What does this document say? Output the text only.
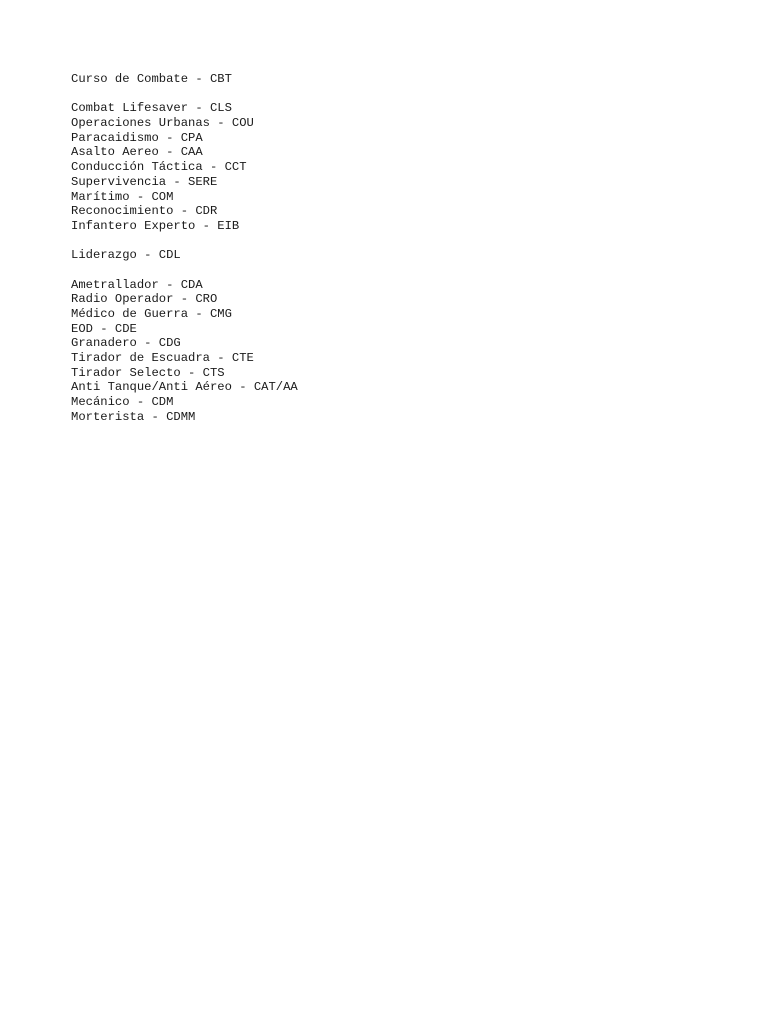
Curso de Combate - CBT
Combat Lifesaver - CLS
Operaciones Urbanas - COU
Paracaidismo - CPA
Asalto Aereo - CAA
Conducción Táctica - CCT
Supervivencia - SERE
Marítimo - COM
Reconocimiento - CDR
Infantero Experto - EIB
Liderazgo - CDL
Ametrallador - CDA
Radio Operador - CRO
Médico de Guerra - CMG
EOD - CDE
Granadero - CDG
Tirador de Escuadra - CTE
Tirador Selecto - CTS
Anti Tanque/Anti Aéreo - CAT/AA
Mecánico - CDM
Morterista - CDMM
